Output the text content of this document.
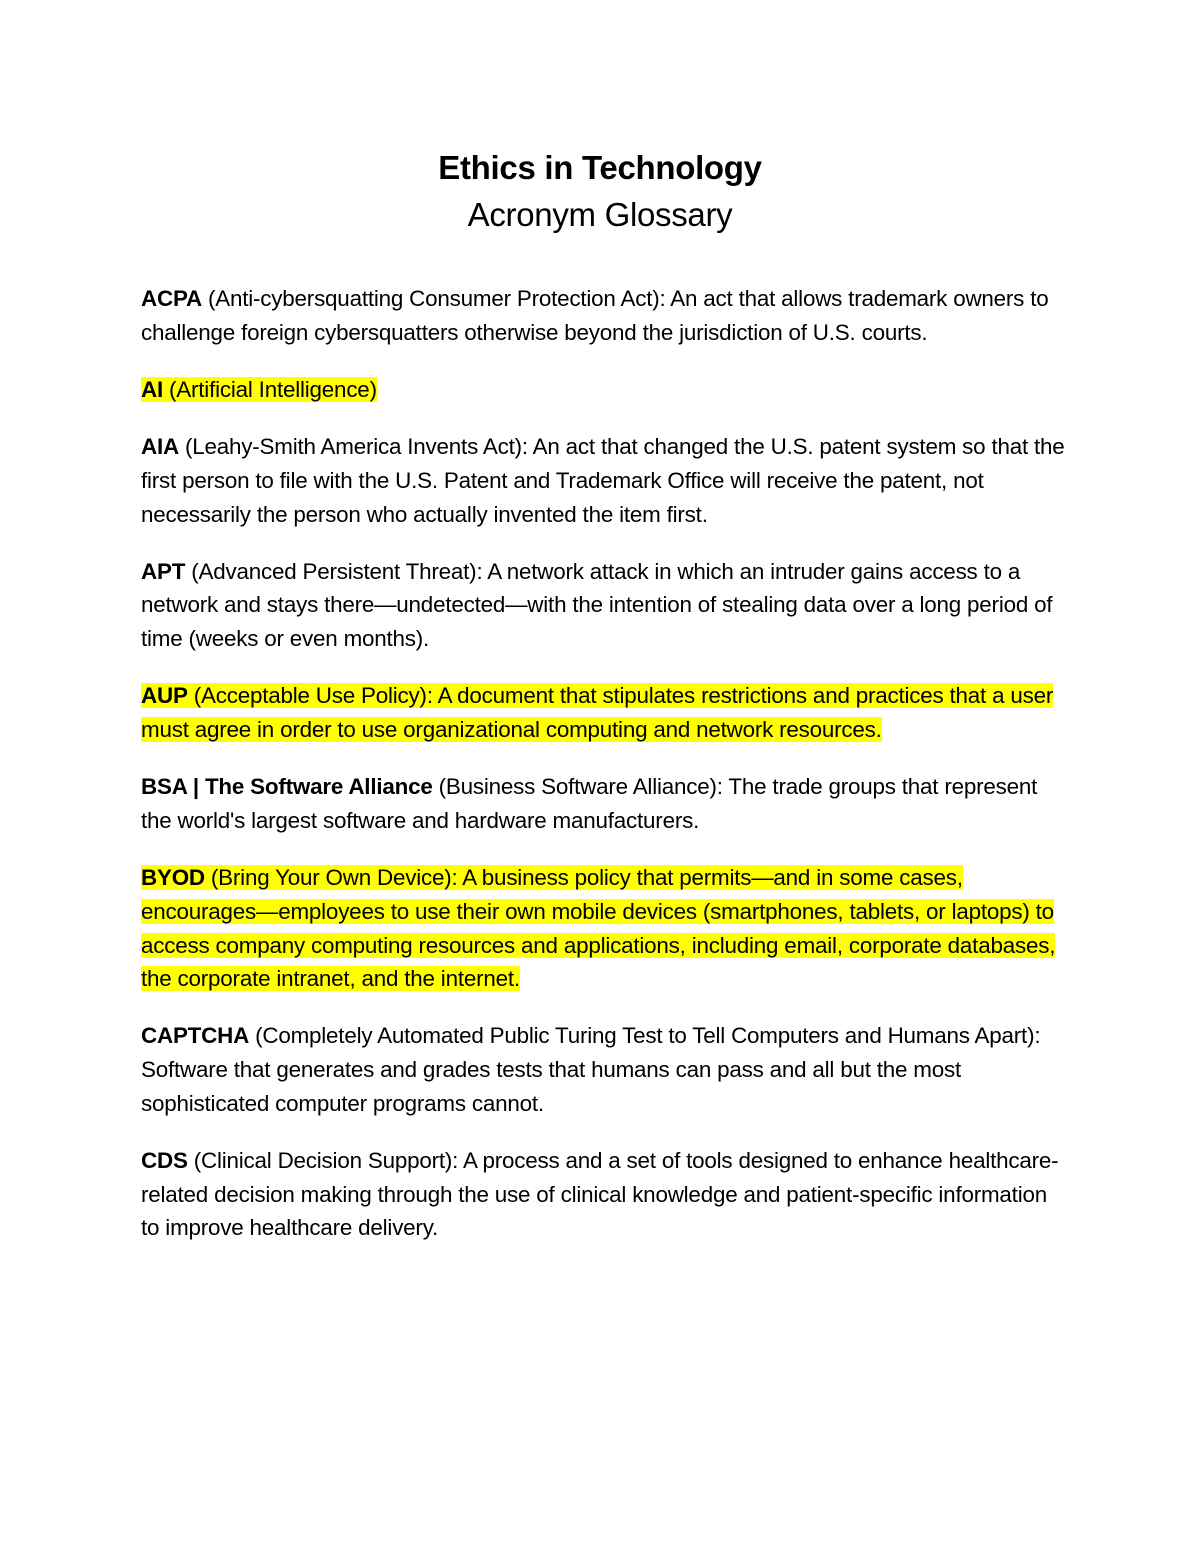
Ethics in Technology
Acronym Glossary

ACPA (Anti-cybersquatting Consumer Protection Act): An act that allows trademark owners to challenge foreign cybersquatters otherwise beyond the jurisdiction of U.S. courts.

AI (Artificial Intelligence)

AIA (Leahy-Smith America Invents Act): An act that changed the U.S. patent system so that the first person to file with the U.S. Patent and Trademark Office will receive the patent, not necessarily the person who actually invented the item first.

APT (Advanced Persistent Threat): A network attack in which an intruder gains access to a network and stays there—undetected—with the intention of stealing data over a long period of time (weeks or even months).

AUP (Acceptable Use Policy): A document that stipulates restrictions and practices that a user must agree in order to use organizational computing and network resources.

BSA | The Software Alliance (Business Software Alliance): The trade groups that represent the world's largest software and hardware manufacturers.

BYOD (Bring Your Own Device): A business policy that permits—and in some cases, encourages—employees to use their own mobile devices (smartphones, tablets, or laptops) to access company computing resources and applications, including email, corporate databases, the corporate intranet, and the internet.

CAPTCHA (Completely Automated Public Turing Test to Tell Computers and Humans Apart): Software that generates and grades tests that humans can pass and all but the most sophisticated computer programs cannot.

CDS (Clinical Decision Support): A process and a set of tools designed to enhance healthcare-related decision making through the use of clinical knowledge and patient-specific information to improve healthcare delivery.
